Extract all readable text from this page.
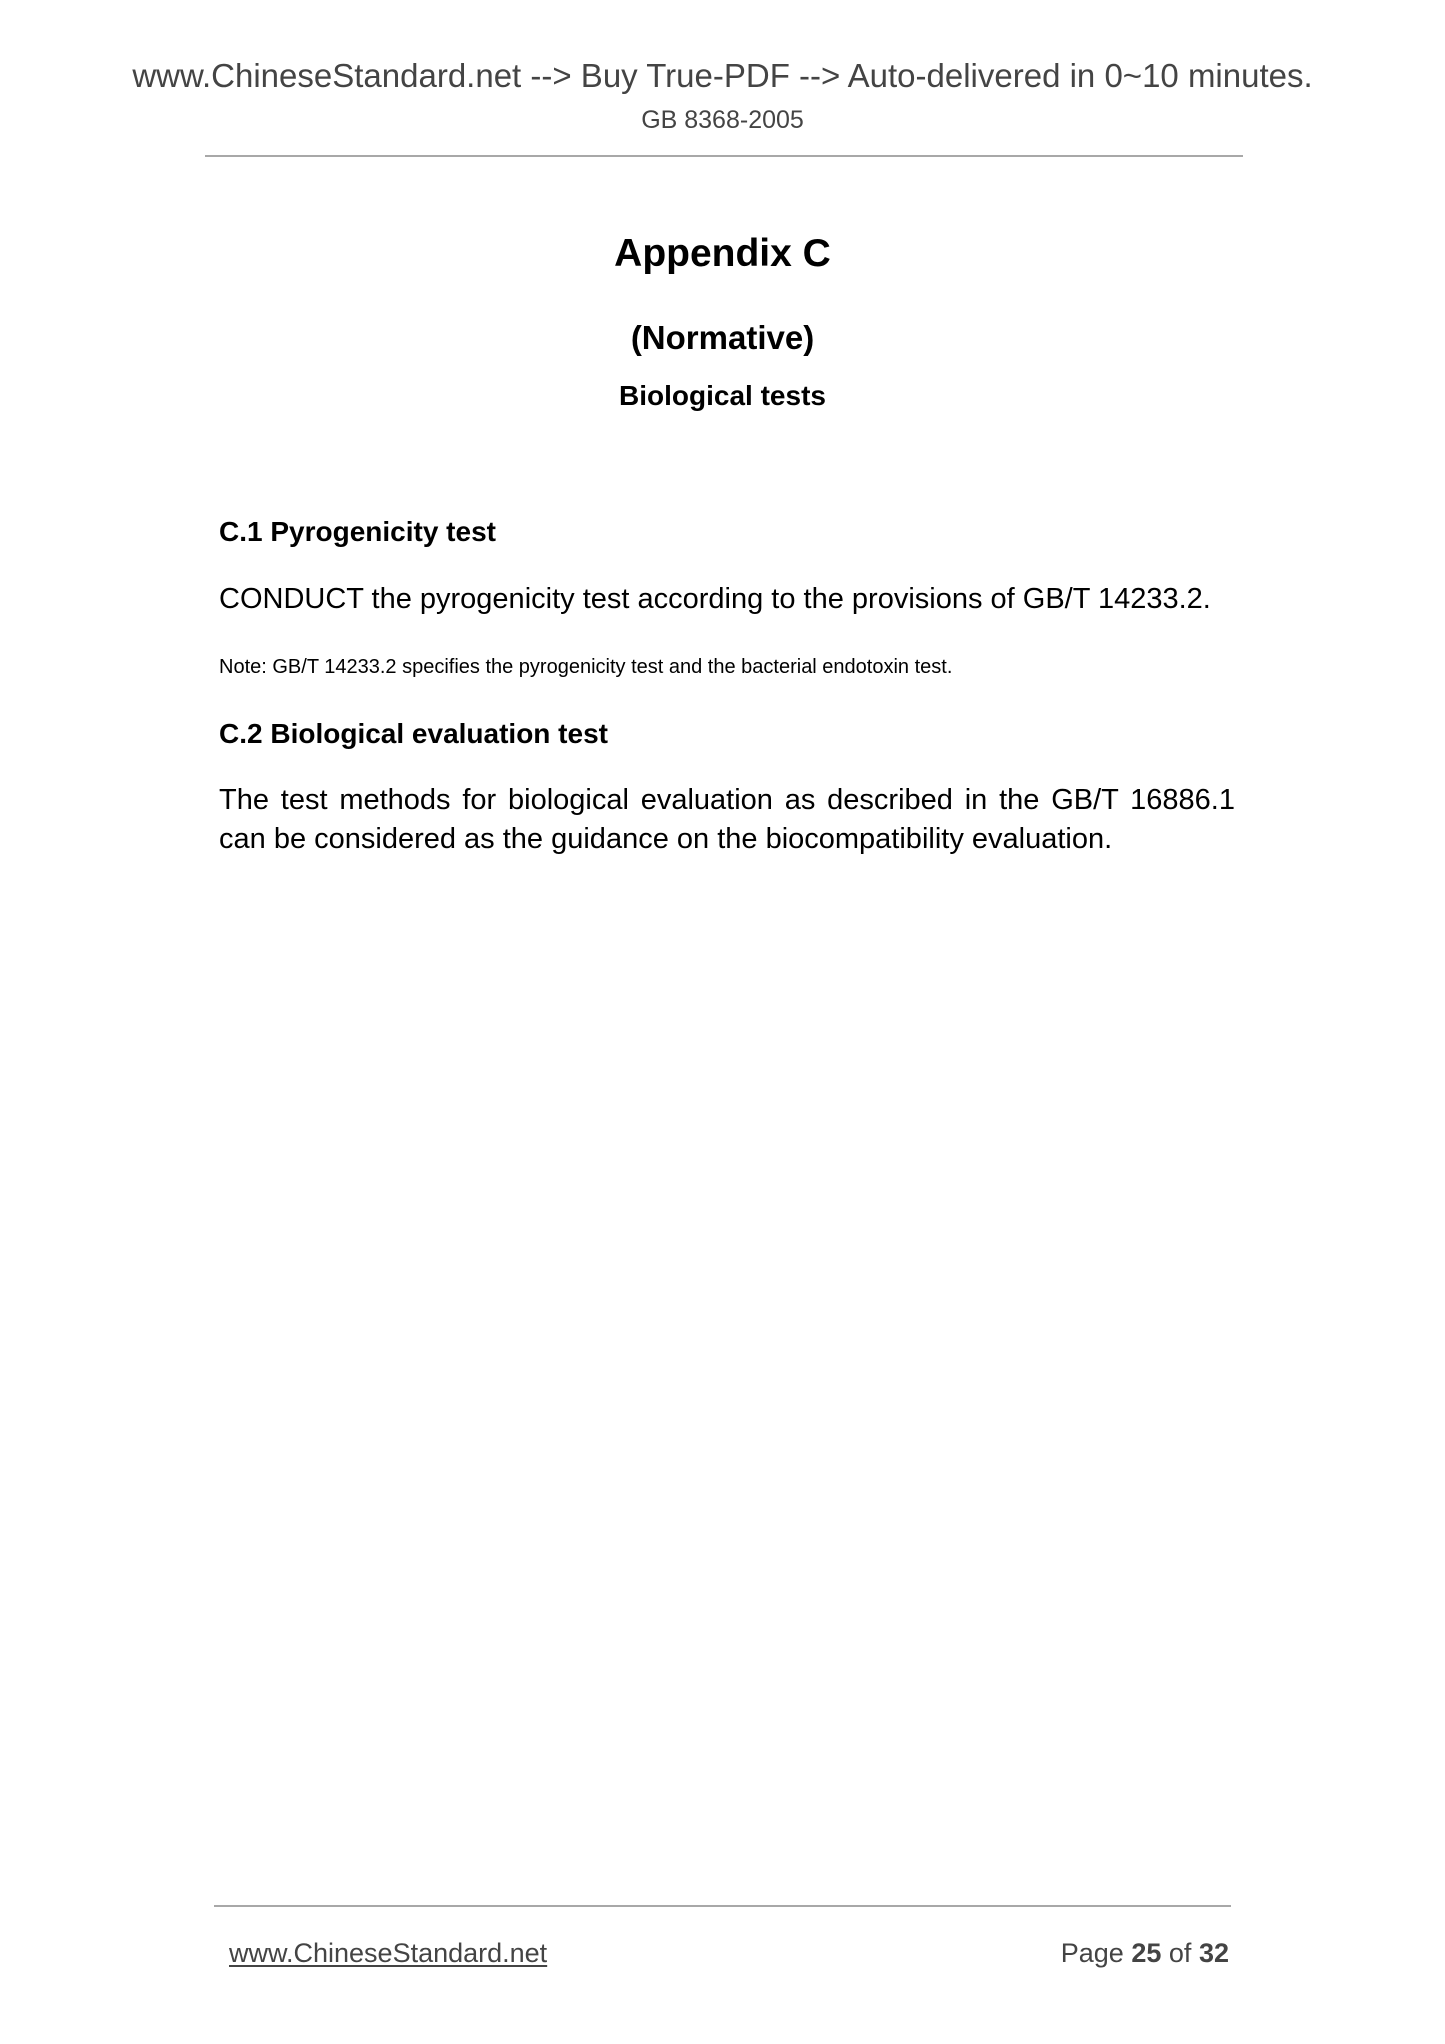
www.ChineseStandard.net --> Buy True-PDF --> Auto-delivered in 0~10 minutes.
GB 8368-2005
Appendix C
(Normative)
Biological tests
C.1 Pyrogenicity test
CONDUCT the pyrogenicity test according to the provisions of GB/T 14233.2.
Note: GB/T 14233.2 specifies the pyrogenicity test and the bacterial endotoxin test.
C.2 Biological evaluation test
The test methods for biological evaluation as described in the GB/T 16886.1 can be considered as the guidance on the biocompatibility evaluation.
www.ChineseStandard.net	Page 25 of 32
